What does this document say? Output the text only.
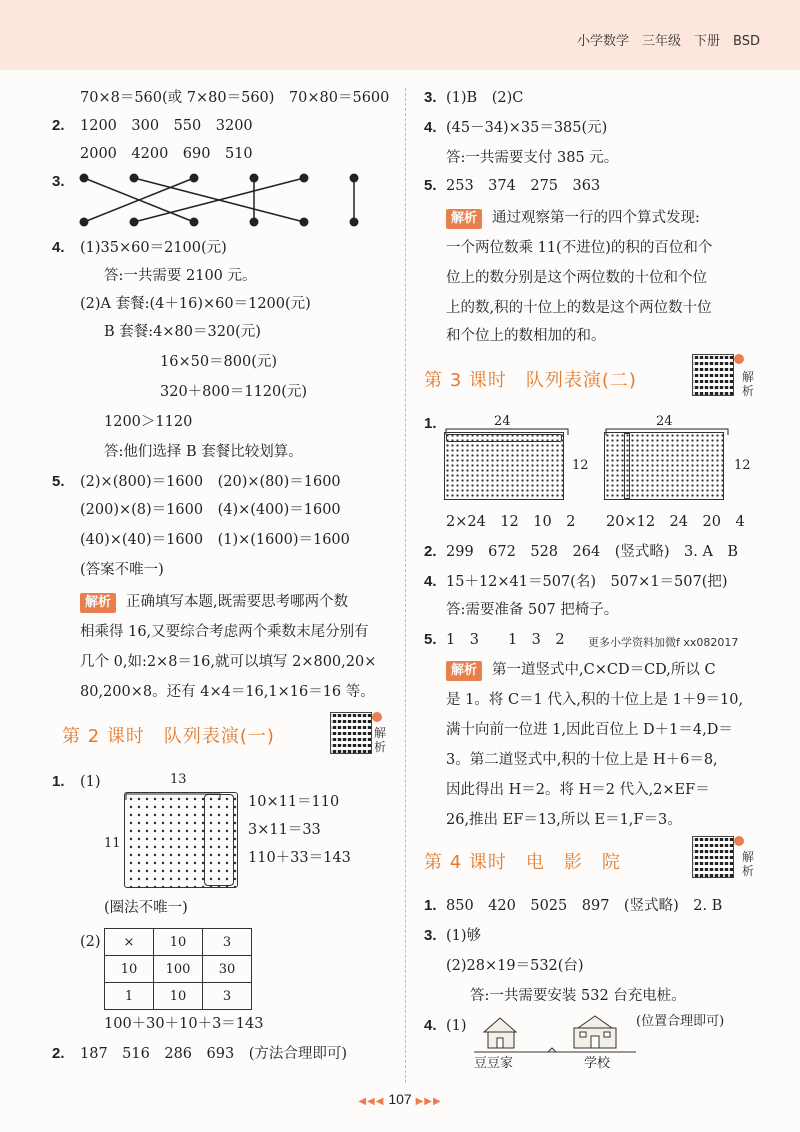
小学数学　三年级　下册　BSD
70×8＝560(或 7×80＝560)　70×80＝5600
2. 1200　300　550　3200
2000　4200　690　510
3.
4. (1)35×60＝2100(元)
答:一共需要 2100 元。
(2)A 套餐:(4＋16)×60＝1200(元)
B 套餐:4×80＝320(元)
16×50＝800(元)
320＋800＝1120(元)
1200＞1120
答:他们选择 B 套餐比较划算。
5. (2)×(800)＝1600　(20)×(80)＝1600
(200)×(8)＝1600　(4)×(400)＝1600
(40)×(40)＝1600　(1)×(1600)＝1600
(答案不唯一)
解析 正确填写本题,既需要思考哪两个数
相乘得 16,又要综合考虑两个乘数末尾分别有
几个 0,如:2×8＝16,就可以填写 2×800,20×
80,200×8。还有 4×4＝16,1×16＝16 等。
第 2 课时　队列表演(一)	解析
1. (1)	13
11
10×11＝110
3×11＝33
110＋33＝143
(圈法不唯一)
(2) ×	10	3
10	100	30
1	10	3
100＋30＋10＋3＝143
2. 187　516　286　693　(方法合理即可)
3. (1)B　(2)C
4. (45－34)×35＝385(元)
答:一共需要支付 385 元。
5. 253　374　275　363
解析 通过观察第一行的四个算式发现:
一个两位数乘 11(不进位)的积的百位和个
位上的数分别是这个两位数的十位和个位
上的数,积的十位上的数是这个两位数十位
和个位上的数相加的和。
第 3 课时　队列表演(二)	解析
1.	24
12
24
12
2×24　12　10　2 20×12　24　20　4
2. 299　672　528　264　(竖式略)　3. A　B
4. 15＋12×41＝507(名)　507×1＝507(把)
答:需要准备 507 把椅子。
5. 1　3　　1　3　2 更多小学资料加微f xx082017
解析 第一道竖式中,C×CD＝CD,所以 C
是 1。将 C＝1 代入,积的十位上是 1＋9＝10,
满十向前一位进 1,因此百位上 D＋1＝4,D＝
3。第二道竖式中,积的十位上是 H＋6＝8,
因此得出 H＝2。将 H＝2 代入,2×EF＝
26,推出 EF＝13,所以 E＝1,F＝3。
第 4 课时　电　影　院	解析
1. 850　420　5025　897　(竖式略)　2. B
3. (1)够
(2)28×19＝532(台)
答:一共需要安装 532 台充电桩。
4. (1)	(位置合理即可)
豆豆家	学校
◀◀◀ 107 ▶▶▶
